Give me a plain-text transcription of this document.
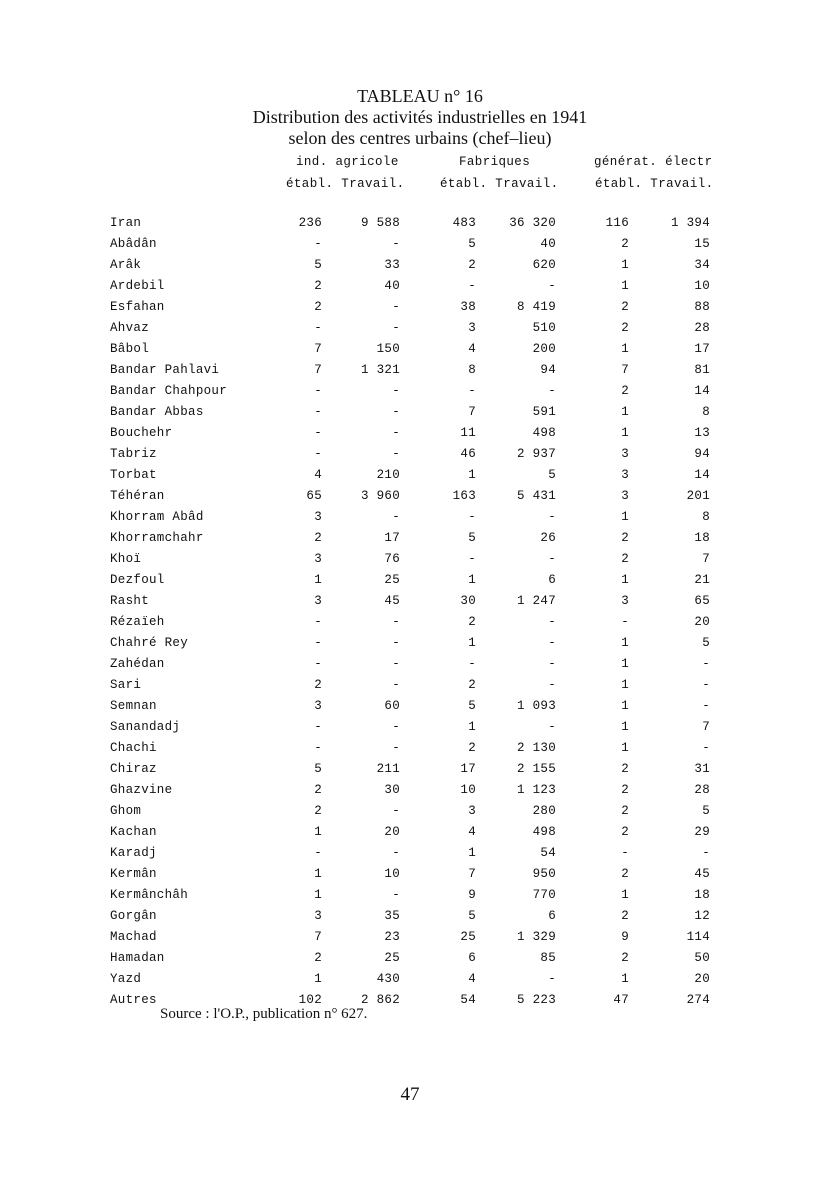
TABLEAU n° 16
Distribution des activités industrielles en 1941
selon des centres urbains (chef–lieu)
ind. agricole	Fabriques	générat. électr
établ. Travail.	établ. Travail.	établ. Travail.
Iran	236	9 588	483	36 320	116	1 394
Abâdân	-	-	5	40	2	15
Arâk	5	33	2	620	1	34
Ardebil	2	40	-	-	1	10
Esfahan	2	-	38	8 419	2	88
Ahvaz	-	-	3	510	2	28
Bâbol	7	150	4	200	1	17
Bandar Pahlavi	7	1 321	8	94	7	81
Bandar Chahpour	-	-	-	-	2	14
Bandar Abbas	-	-	7	591	1	8
Bouchehr	-	-	11	498	1	13
Tabriz	-	-	46	2 937	3	94
Torbat	4	210	1	5	3	14
Téhéran	65	3 960	163	5 431	3	201
Khorram Abâd	3	-	-	-	1	8
Khorramchahr	2	17	5	26	2	18
Khoï	3	76	-	-	2	7
Dezfoul	1	25	1	6	1	21
Rasht	3	45	30	1 247	3	65
Rézaïeh	-	-	2	-	-	20
Chahré Rey	-	-	1	-	1	5
Zahédan	-	-	-	-	1	-
Sari	2	-	2	-	1	-
Semnan	3	60	5	1 093	1	-
Sanandadj	-	-	1	-	1	7
Chachi	-	-	2	2 130	1	-
Chiraz	5	211	17	2 155	2	31
Ghazvine	2	30	10	1 123	2	28
Ghom	2	-	3	280	2	5
Kachan	1	20	4	498	2	29
Karadj	-	-	1	54	-	-
Kermân	1	10	7	950	2	45
Kermânchâh	1	-	9	770	1	18
Gorgân	3	35	5	6	2	12
Machad	7	23	25	1 329	9	114
Hamadan	2	25	6	85	2	50
Yazd	1	430	4	-	1	20
Autres	102	2 862	54	5 223	47	274
Source : l'O.P., publication n° 627.
47
